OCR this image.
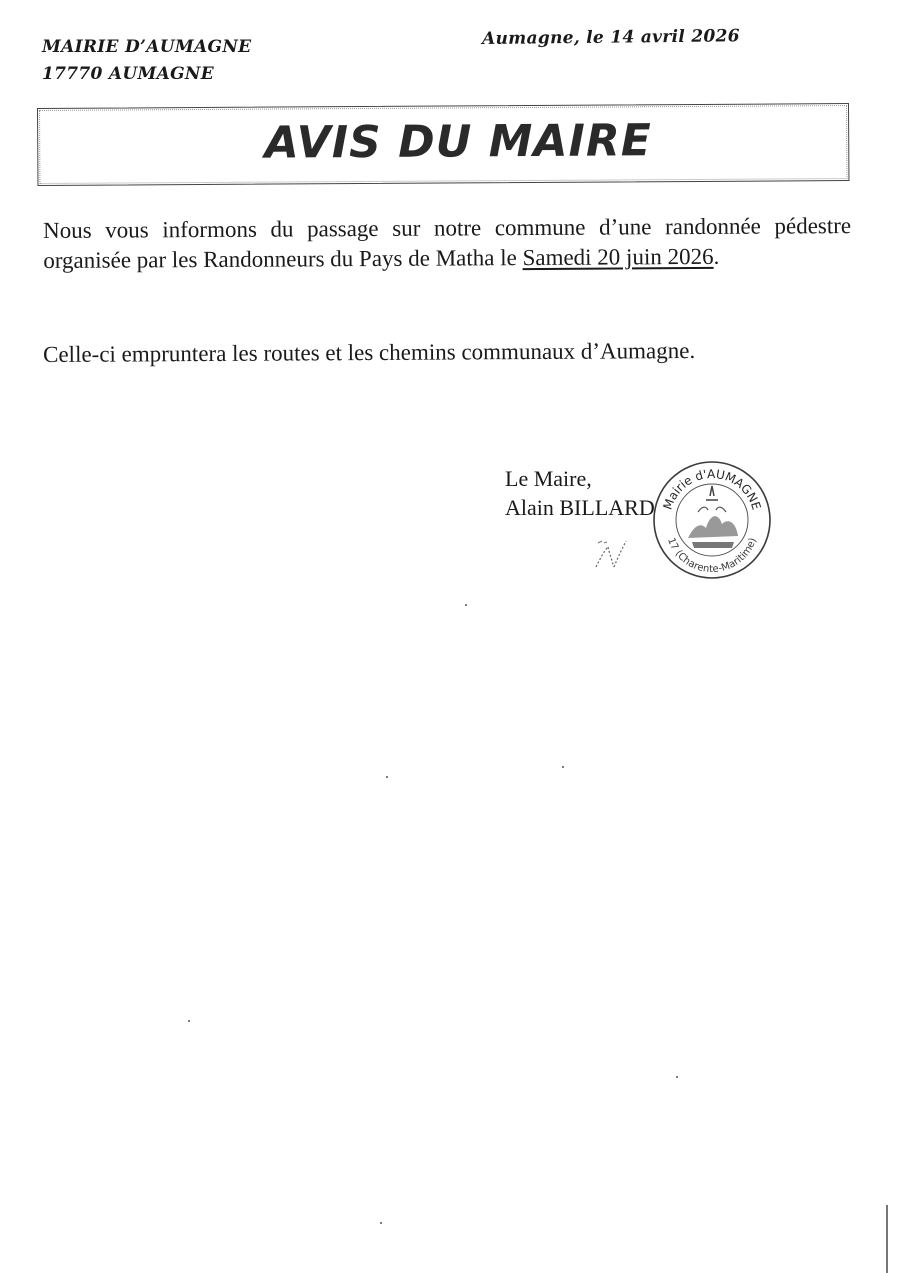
MAIRIE D’AUMAGNE
17770 AUMAGNE
Aumagne, le 14 avril 2026
AVIS DU MAIRE
Nous vous informons du passage sur notre commune d’une randonnée pédestre organisée par les Randonneurs du Pays de Matha le Samedi 20 juin 2026.
Celle-ci empruntera les routes et les chemins communaux d’Aumagne.
Le Maire,
Alain BILLARD Mairie d'AUMAGNE
17 (Charente-Maritime)
